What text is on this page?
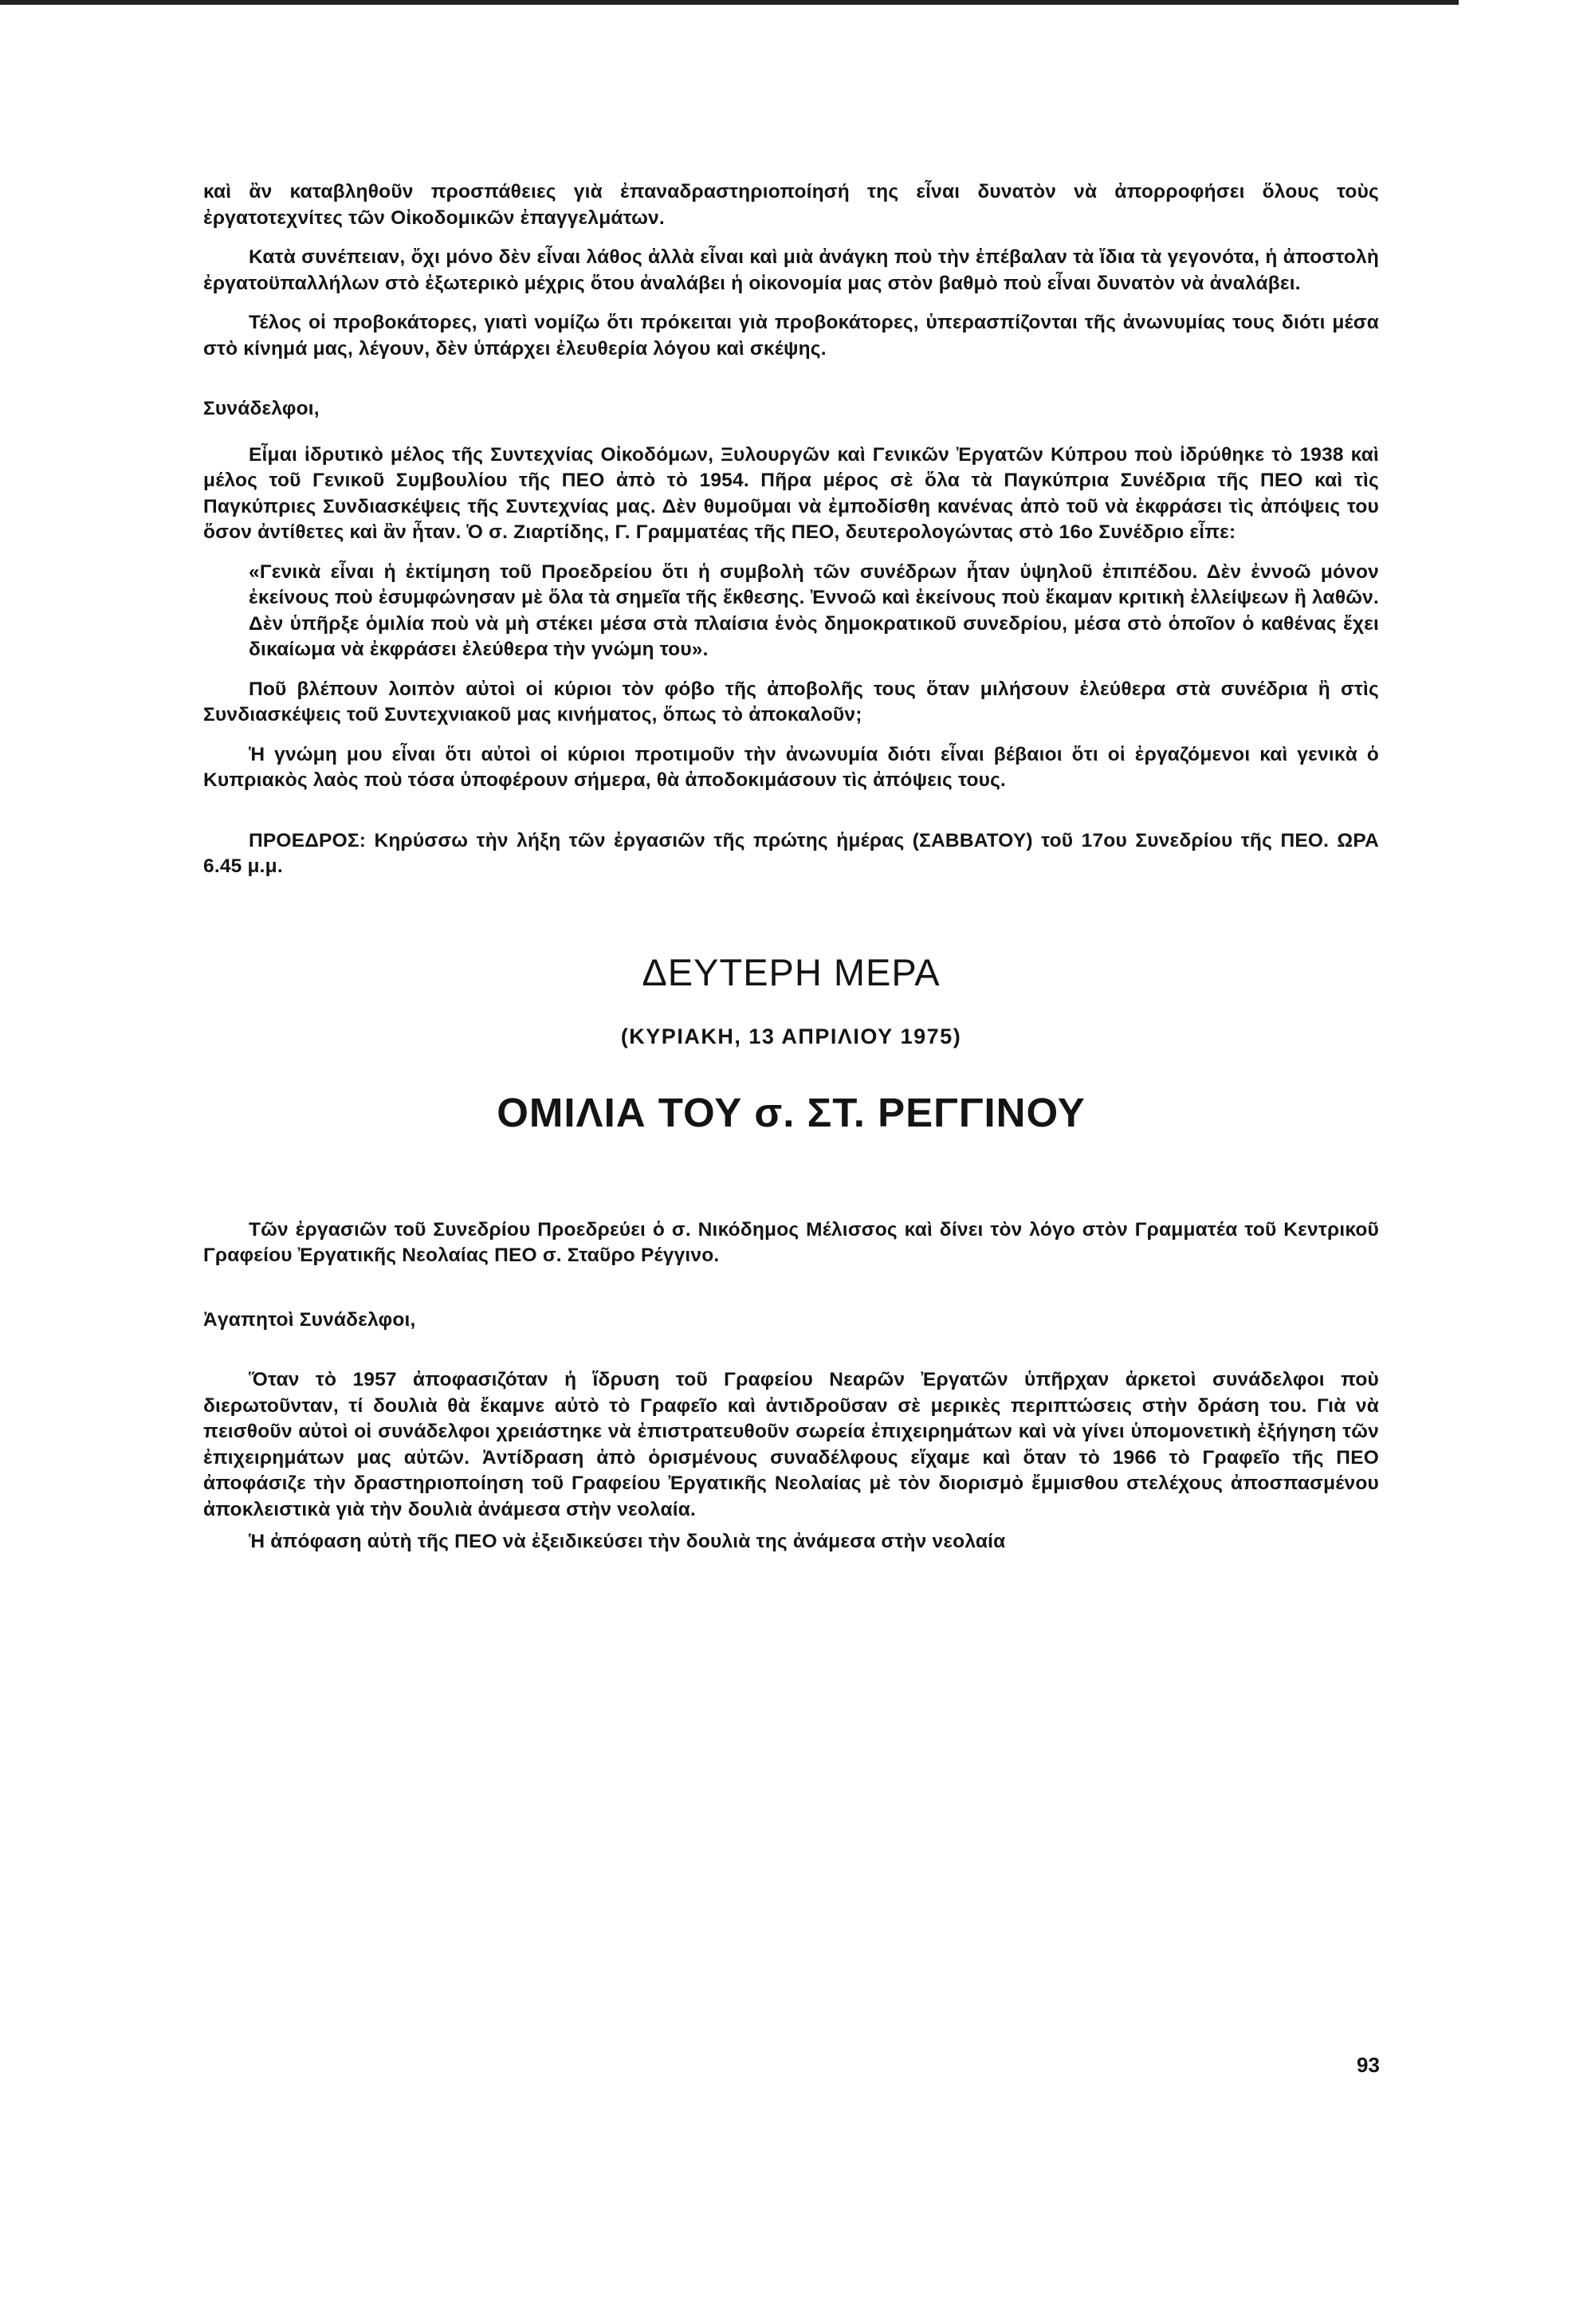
καὶ ἂν καταβληθοῦν προσπάθειες γιὰ ἐπαναδραστηριοποίησή της εἶναι δυνατὸν νὰ ἀπορροφήσει ὅλους τοὺς ἐργατοτεχνίτες τῶν Οἰκοδομικῶν ἐπαγγελμάτων.

Κατὰ συνέπειαν, ὄχι μόνο δὲν εἶναι λάθος ἀλλὰ εἶναι καὶ μιὰ ἀνάγκη ποὺ τὴν ἐπέβαλαν τὰ ἴδια τὰ γεγονότα, ἡ ἀποστολὴ ἐργατοϋπαλλήλων στὸ ἐξωτερικὸ μέχρις ὅτου ἀναλάβει ἡ οἰκονομία μας στὸν βαθμὸ ποὺ εἶναι δυνατὸν νὰ ἀναλάβει.

Τέλος οἱ προβοκάτορες, γιατὶ νομίζω ὅτι πρόκειται γιὰ προβοκάτορες, ὑπερασπίζονται τῆς ἀνωνυμίας τους διότι μέσα στὸ κίνημά μας, λέγουν, δὲν ὑπάρχει ἐλευθερία λόγου καὶ σκέψης.

Συνάδελφοι,

Εἶμαι ἱδρυτικὸ μέλος τῆς Συντεχνίας Οἰκοδόμων, Ξυλουργῶν καὶ Γενικῶν Ἐργατῶν Κύπρου ποὺ ἱδρύθηκε τὸ 1938 καὶ μέλος τοῦ Γενικοῦ Συμβουλίου τῆς ΠΕΟ ἀπὸ τὸ 1954. Πῆρα μέρος σὲ ὅλα τὰ Παγκύπρια Συνέδρια τῆς ΠΕΟ καὶ τὶς Παγκύπριες Συνδιασκέψεις τῆς Συντεχνίας μας. Δὲν θυμοῦμαι νὰ ἐμποδίσθη κανένας ἀπὸ τοῦ νὰ ἐκφράσει τὶς ἀπόψεις του ὅσον ἀντίθετες καὶ ἂν ἦταν. Ὁ σ. Ζιαρτίδης, Γ. Γραμματέας τῆς ΠΕΟ, δευτερολογώντας στὸ 16ο Συνέδριο εἶπε:

«Γενικὰ εἶναι ἡ ἐκτίμηση τοῦ Προεδρείου ὅτι ἡ συμβολὴ τῶν συνέδρων ἦταν ὑψηλοῦ ἐπιπέδου. Δὲν ἐννοῶ μόνον ἐκείνους ποὺ ἐσυμφώνησαν μὲ ὅλα τὰ σημεῖα τῆς ἔκθεσης. Ἐννοῶ καὶ ἐκείνους ποὺ ἔκαμαν κριτικὴ ἐλλείψεων ἢ λαθῶν. Δὲν ὑπῆρξε ὁμιλία ποὺ νὰ μὴ στέκει μέσα στὰ πλαίσια ἑνὸς δημοκρατικοῦ συνεδρίου, μέσα στὸ ὁποῖον ὁ καθένας ἔχει δικαίωμα νὰ ἐκφράσει ἐλεύθερα τὴν γνώμη του».

Ποῦ βλέπουν λοιπὸν αὐτοὶ οἱ κύριοι τὸν φόβο τῆς ἀποβολῆς τους ὅταν μιλήσουν ἐλεύθερα στὰ συνέδρια ἢ στὶς Συνδιασκέψεις τοῦ Συντεχνιακοῦ μας κινήματος, ὅπως τὸ ἀποκαλοῦν;

Ἡ γνώμη μου εἶναι ὅτι αὐτοὶ οἱ κύριοι προτιμοῦν τὴν ἀνωνυμία διότι εἶναι βέβαιοι ὅτι οἱ ἐργαζόμενοι καὶ γενικὰ ὁ Κυπριακὸς λαὸς ποὺ τόσα ὑποφέρουν σήμερα, θὰ ἀποδοκιμάσουν τὶς ἀπόψεις τους.

ΠΡΟΕΔΡΟΣ: Κηρύσσω τὴν λήξη τῶν ἐργασιῶν τῆς πρώτης ἡμέρας (ΣΑΒΒΑΤΟΥ) τοῦ 17ου Συνεδρίου τῆς ΠΕΟ. ΩΡΑ 6.45 μ.μ.

ΔΕΥΤΕΡΗ ΜΕΡΑ
(ΚΥΡΙΑΚΗ, 13 ΑΠΡΙΛΙΟΥ 1975)
ΟΜΙΛΙΑ ΤΟΥ σ. ΣΤ. ΡΕΓΓΙΝΟΥ

Τῶν ἐργασιῶν τοῦ Συνεδρίου Προεδρεύει ὁ σ. Νικόδημος Μέλισσος καὶ δίνει τὸν λόγο στὸν Γραμματέα τοῦ Κεντρικοῦ Γραφείου Ἐργατικῆς Νεολαίας ΠΕΟ σ. Σταῦρο Ρέγγινο.

Ἀγαπητοὶ Συνάδελφοι,

Ὅταν τὸ 1957 ἀποφασιζόταν ἡ ἵδρυση τοῦ Γραφείου Νεαρῶν Ἐργατῶν ὑπῆρχαν ἀρκετοὶ συνάδελφοι ποὺ διερωτοῦνταν, τί δουλιὰ θὰ ἔκαμνε αὐτὸ τὸ Γραφεῖο καὶ ἀντιδροῦσαν σὲ μερικὲς περιπτώσεις στὴν δράση του. Γιὰ νὰ πεισθοῦν αὐτοὶ οἱ συνάδελφοι χρειάστηκε νὰ ἐπιστρατευθοῦν σωρεία ἐπιχειρημάτων καὶ νὰ γίνει ὑπομονετικὴ ἐξήγηση τῶν ἐπιχειρημάτων μας αὐτῶν. Ἀντίδραση ἀπὸ ὁρισμένους συναδέλφους εἴχαμε καὶ ὅταν τὸ 1966 τὸ Γραφεῖο τῆς ΠΕΟ ἀποφάσιζε τὴν δραστηριοποίηση τοῦ Γραφείου Ἐργατικῆς Νεολαίας μὲ τὸν διορισμὸ ἔμμισθου στελέχους ἀποσπασμένου ἀποκλειστικὰ γιὰ τὴν δουλιὰ ἀνάμεσα στὴν νεολαία.

Ἡ ἀπόφαση αὐτὴ τῆς ΠΕΟ νὰ ἐξειδικεύσει τὴν δουλιὰ της ἀνάμεσα στὴν νεολαία

93
